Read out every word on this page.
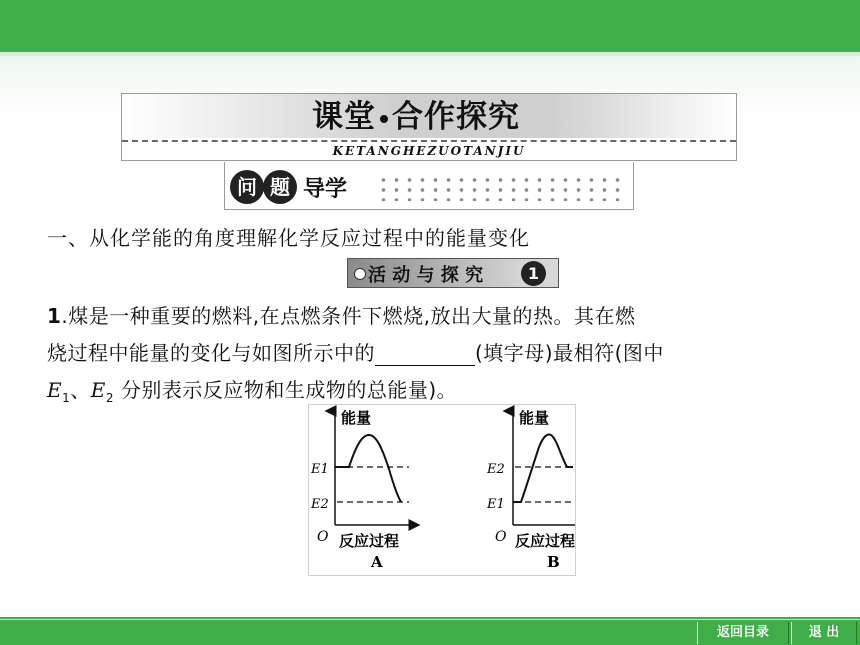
课堂 合作探究
KETANGHEZUOTANJIU
问 题 导学
一、从化学能的角度理解化学反应过程中的能量变化
活 动 与 探 究	1
1.煤是一种重要的燃料,在点燃条件下燃烧,放出大量的热。其在燃
烧过程中能量的变化与如图所示中的	(填字母)最相符(图中
$E_1$、$E_2$ 分别表示反应物和生成物的总能量)。
能量
O 反应过程
A
E1
E2
能量
O 反应过程
B
E2
E1
返回目录	退 出
